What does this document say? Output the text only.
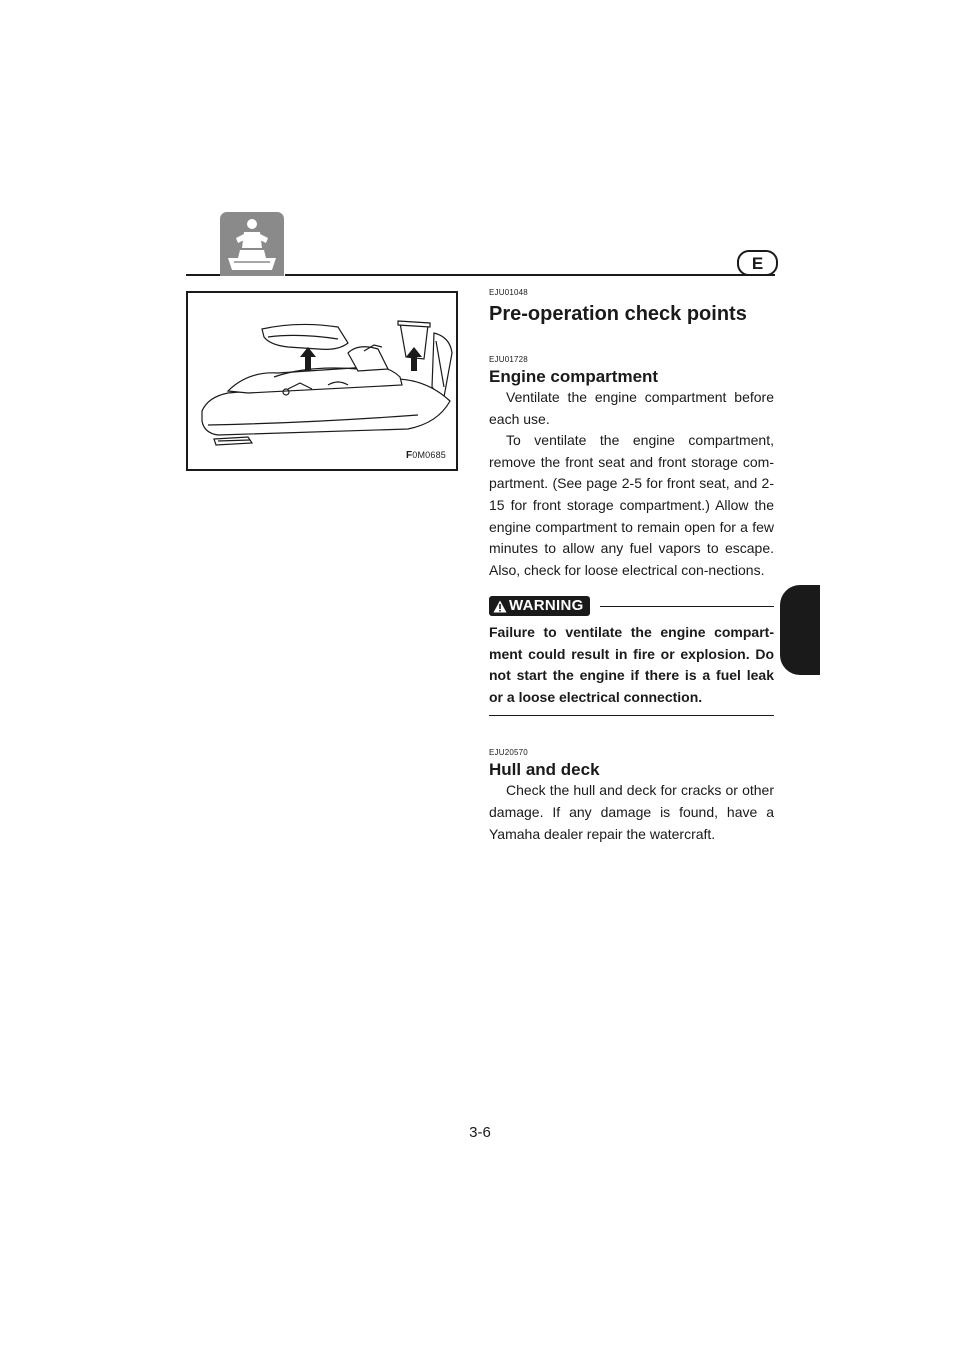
E
F0M0685

EJU01048

Pre-operation check points

EJU01728

Engine compartment

Ventilate the engine compartment before each use.

To ventilate the engine compartment, remove the front seat and front storage com-partment. (See page 2-5 for front seat, and 2-15 for front storage compartment.) Allow the engine compartment to remain open for a few minutes to allow any fuel vapors to escape. Also, check for loose electrical con-nections.

WARNING

Failure to ventilate the engine compart-ment could result in fire or explosion. Do not start the engine if there is a fuel leak or a loose electrical connection.

EJU20570

Hull and deck

Check the hull and deck for cracks or other damage. If any damage is found, have a Yamaha dealer repair the watercraft.

3-6
